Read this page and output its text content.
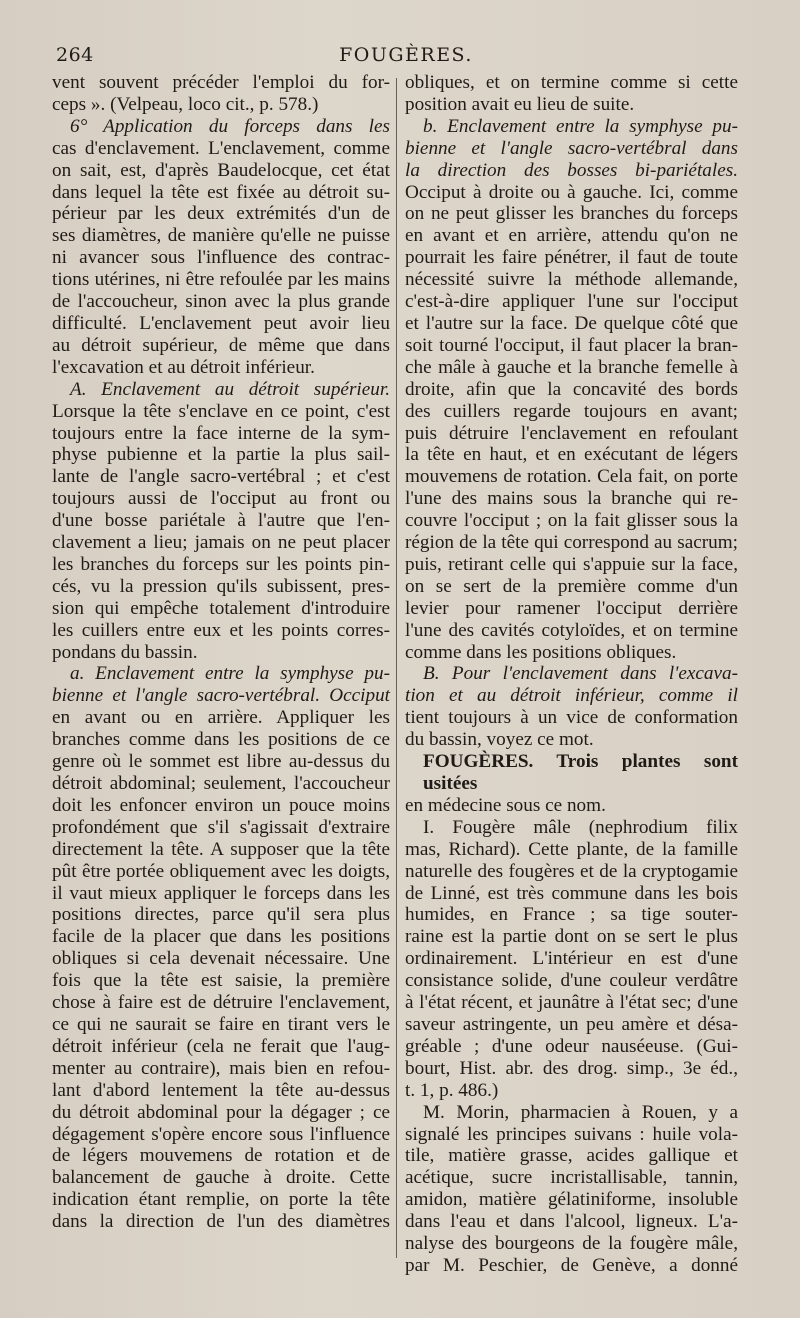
264	FOUGÈRES.
vent souvent précéder l'emploi du for-
ceps ». (Velpeau, loco cit., p. 578.)
6° Application du forceps dans les
cas d'enclavement. L'enclavement, comme
on sait, est, d'après Baudelocque, cet état
dans lequel la tête est fixée au détroit su-
périeur par les deux extrémités d'un de
ses diamètres, de manière qu'elle ne puisse
ni avancer sous l'influence des contrac-
tions utérines, ni être refoulée par les mains
de l'accoucheur, sinon avec la plus grande
difficulté. L'enclavement peut avoir lieu
au détroit supérieur, de même que dans
l'excavation et au détroit inférieur.
A. Enclavement au détroit supérieur.
Lorsque la tête s'enclave en ce point, c'est
toujours entre la face interne de la sym-
physe pubienne et la partie la plus sail-
lante de l'angle sacro-vertébral ; et c'est
toujours aussi de l'occiput au front ou
d'une bosse pariétale à l'autre que l'en-
clavement a lieu; jamais on ne peut placer
les branches du forceps sur les points pin-
cés, vu la pression qu'ils subissent, pres-
sion qui empêche totalement d'introduire
les cuillers entre eux et les points corres-
pondans du bassin.
a. Enclavement entre la symphyse pu-
bienne et l'angle sacro-vertébral. Occiput
en avant ou en arrière. Appliquer les
branches comme dans les positions de ce
genre où le sommet est libre au-dessus du
détroit abdominal; seulement, l'accoucheur
doit les enfoncer environ un pouce moins
profondément que s'il s'agissait d'extraire
directement la tête. A supposer que la tête
pût être portée obliquement avec les doigts,
il vaut mieux appliquer le forceps dans les
positions directes, parce qu'il sera plus
facile de la placer que dans les positions
obliques si cela devenait nécessaire. Une
fois que la tête est saisie, la première
chose à faire est de détruire l'enclavement,
ce qui ne saurait se faire en tirant vers le
détroit inférieur (cela ne ferait que l'aug-
menter au contraire), mais bien en refou-
lant d'abord lentement la tête au-dessus
du détroit abdominal pour la dégager ; ce
dégagement s'opère encore sous l'influence
de légers mouvemens de rotation et de
balancement de gauche à droite. Cette
indication étant remplie, on porte la tête
dans la direction de l'un des diamètres
obliques, et on termine comme si cette
position avait eu lieu de suite.
b. Enclavement entre la symphyse pu-
bienne et l'angle sacro-vertébral dans
la direction des bosses bi-pariétales.
Occiput à droite ou à gauche. Ici, comme
on ne peut glisser les branches du forceps
en avant et en arrière, attendu qu'on ne
pourrait les faire pénétrer, il faut de toute
nécessité suivre la méthode allemande,
c'est-à-dire appliquer l'une sur l'occiput
et l'autre sur la face. De quelque côté que
soit tourné l'occiput, il faut placer la bran-
che mâle à gauche et la branche femelle à
droite, afin que la concavité des bords
des cuillers regarde toujours en avant;
puis détruire l'enclavement en refoulant
la tête en haut, et en exécutant de légers
mouvemens de rotation. Cela fait, on porte
l'une des mains sous la branche qui re-
couvre l'occiput ; on la fait glisser sous la
région de la tête qui correspond au sacrum;
puis, retirant celle qui s'appuie sur la face,
on se sert de la première comme d'un
levier pour ramener l'occiput derrière
l'une des cavités cotyloïdes, et on termine
comme dans les positions obliques.
B. Pour l'enclavement dans l'excava-
tion et au détroit inférieur, comme il
tient toujours à un vice de conformation
du bassin, voyez ce mot.
FOUGÈRES. Trois plantes sont usitées
en médecine sous ce nom.
I. Fougère mâle (nephrodium filix
mas, Richard). Cette plante, de la famille
naturelle des fougères et de la cryptogamie
de Linné, est très commune dans les bois
humides, en France ; sa tige souter-
raine est la partie dont on se sert le plus
ordinairement. L'intérieur en est d'une
consistance solide, d'une couleur verdâtre
à l'état récent, et jaunâtre à l'état sec; d'une
saveur astringente, un peu amère et désa-
gréable ; d'une odeur nauséeuse. (Gui-
bourt, Hist. abr. des drog. simp., 3e éd.,
t. 1, p. 486.)
M. Morin, pharmacien à Rouen, y a
signalé les principes suivans : huile vola-
tile, matière grasse, acides gallique et
acétique, sucre incristallisable, tannin,
amidon, matière gélatiniforme, insoluble
dans l'eau et dans l'alcool, ligneux. L'a-
nalyse des bourgeons de la fougère mâle,
par M. Peschier, de Genève, a donné
